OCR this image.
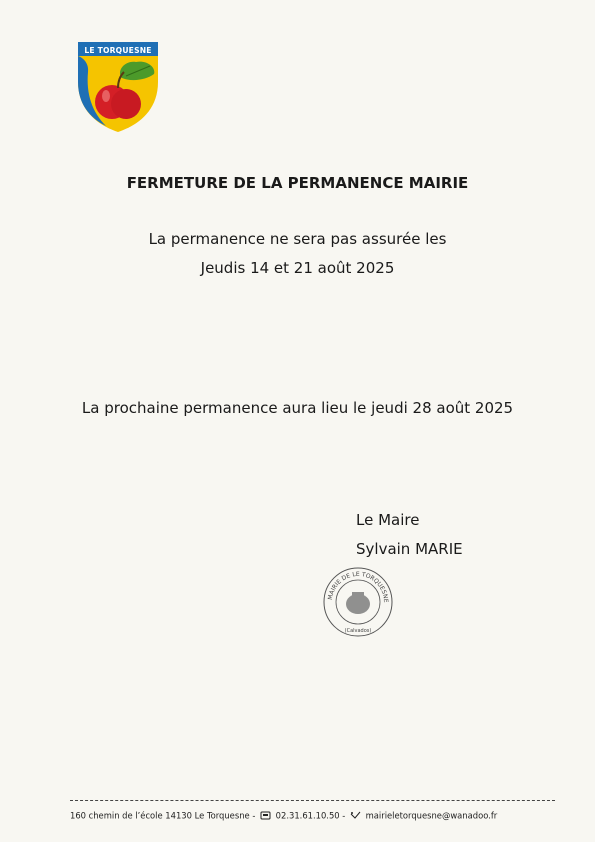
LE TORQUESNE
FERMETURE DE LA PERMANENCE MAIRIE
La permanence ne sera pas assurée les
Jeudis 14 et 21 août 2025
La prochaine permanence aura lieu le jeudi 28 août 2025
Le Maire
Sylvain MARIE
MAIRIE DE LE TORQUESNE
(Calvados)
160 chemin de l’école 14130 Le Torquesne -
02.31.61.10.50 -
mairieletorquesne@wanadoo.fr
